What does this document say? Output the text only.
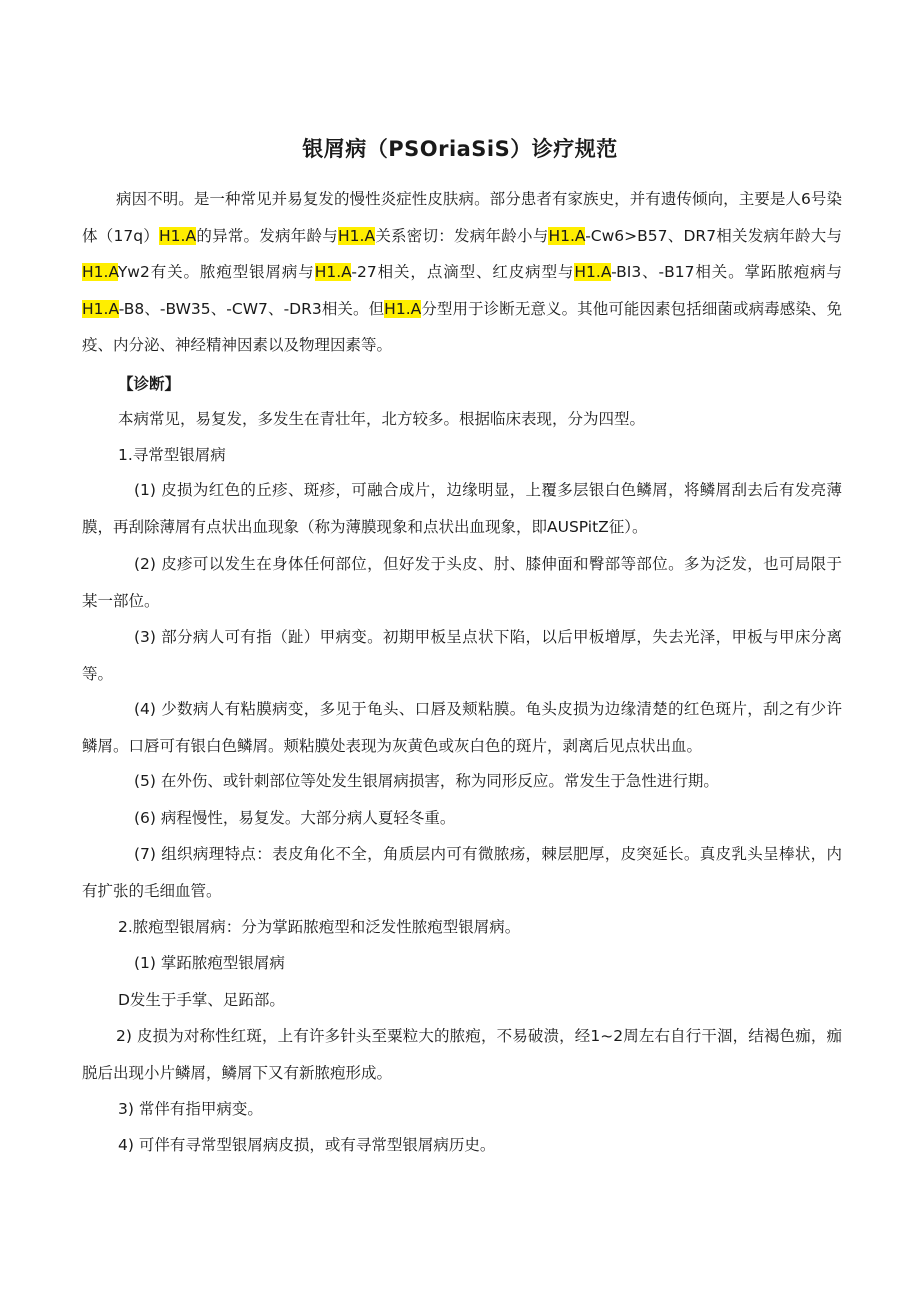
银屑病（PSOriaSiS）诊疗规范
病因不明。是一种常见并易复发的慢性炎症性皮肤病。部分患者有家族史，并有遗传倾向，主要是人6号染体（17q）H1.A的异常。发病年龄与H1.A关系密切：发病年龄小与H1.A-Cw6>B57、DR7相关发病年龄大与H1.AYw2有关。脓疱型银屑病与H1.A-27相关，点滴型、红皮病型与H1.A-BI3、-B17相关。掌跖脓疱病与H1.A-B8、-BW35、-CW7、-DR3相关。但H1.A分型用于诊断无意义。其他可能因素包括细菌或病毒感染、免疫、内分泌、神经精神因素以及物理因素等。
【诊断】
本病常见，易复发，多发生在青壮年，北方较多。根据临床表现，分为四型。
1.寻常型银屑病
(1) 皮损为红色的丘疹、斑疹，可融合成片，边缘明显，上覆多层银白色鳞屑，将鳞屑刮去后有发亮薄膜，再刮除薄屑有点状出血现象（称为薄膜现象和点状出血现象，即AUSPitZ征）。
(2) 皮疹可以发生在身体任何部位，但好发于头皮、肘、膝伸面和臀部等部位。多为泛发，也可局限于某一部位。
(3) 部分病人可有指（趾）甲病变。初期甲板呈点状下陷，以后甲板增厚，失去光泽，甲板与甲床分离等。
(4) 少数病人有粘膜病变，多见于龟头、口唇及颊粘膜。龟头皮损为边缘清楚的红色斑片，刮之有少许鳞屑。口唇可有银白色鳞屑。颊粘膜处表现为灰黄色或灰白色的斑片，剥离后见点状出血。
(5) 在外伤、或针刺部位等处发生银屑病损害，称为同形反应。常发生于急性进行期。
(6) 病程慢性，易复发。大部分病人夏轻冬重。
(7) 组织病理特点：表皮角化不全，角质层内可有微脓疡，棘层肥厚，皮突延长。真皮乳头呈棒状，内有扩张的毛细血管。
2.脓疱型银屑病：分为掌跖脓疱型和泛发性脓疱型银屑病。
(1) 掌跖脓疱型银屑病
D发生于手掌、足跖部。
2) 皮损为对称性红斑，上有许多针头至粟粒大的脓疱，不易破溃，经1~2周左右自行干涸，结褐色痂，痂脱后出现小片鳞屑，鳞屑下又有新脓疱形成。
3) 常伴有指甲病变。
4) 可伴有寻常型银屑病皮损，或有寻常型银屑病历史。
